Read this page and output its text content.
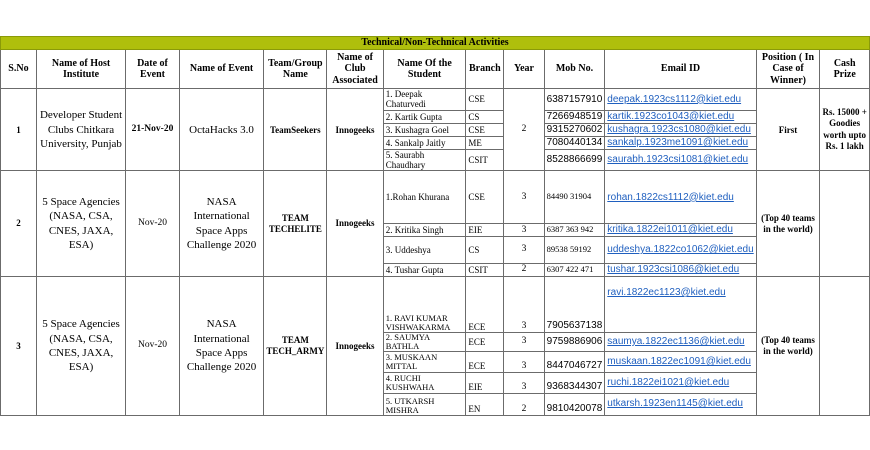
Technical/Non-Technical Activities												
S.No	Name of Host Institute	Date of Event	Name of Event	Team/Group Name	Name of Club Associated	Name Of the Student	Branch	Year	Mob No.	Email ID	Position ( In Case of Winner)	Cash Prize
1	Developer Student Clubs Chitkara University, Punjab	21-Nov-20	OctaHacks 3.0	TeamSeekers	Innogeeks	1. Deepak Chaturvedi	CSE	2	6387157910	deepak.1923cs1112@kiet.edu	First	Rs. 15000 + Goodies worth upto Rs. 1 lakh
						2. Kartik Gupta	CS		7266948519	kartik.1923co1043@kiet.edu		
						3. Kushagra Goel	CSE		9315270602	kushagra.1923cs1080@kiet.edu		
						4. Sankalp Jaitly	ME		7080440134	sankalp.1923me1091@kiet.edu		
						5. Saurabh Chaudhary	CSIT		8528866699	saurabh.1923csi1081@kiet.edu		
2	5 Space Agencies (NASA, CSA, CNES, JAXA, ESA)	Nov-20	NASA International Space Apps Challenge 2020	TEAM TECHELITE	Innogeeks	1.Rohan Khurana	CSE	3	84490 31904	rohan.1822cs1112@kiet.edu	(Top 40 teams in the world)	
						2. Kritika Singh	EIE	3	6387 363 942	kritika.1822ei1011@kiet.edu		
						3. Uddeshya	CS	3	89538 59192	uddeshya.1822co1062@kiet.edu		
						4. Tushar Gupta	CSIT	2	6307 422 471	tushar.1923csi1086@kiet.edu		
3	5 Space Agencies (NASA, CSA, CNES, JAXA, ESA)	Nov-20	NASA International Space Apps Challenge 2020	TEAM TECH_ARMY	Innogeeks	1. RAVI KUMAR VISHWAKARMA	ECE	3	7905637138	ravi.1822ec1123@kiet.edu	(Top 40 teams in the world)	
						2. SAUMYA BATHLA	ECE	3	9759886906	saumya.1822ec1136@kiet.edu		
						3. MUSKAAN MITTAL	ECE	3	8447046727	muskaan.1822ec1091@kiet.edu		
						4. RUCHI KUSHWAHA	EIE	3	9368344307	ruchi.1822ei1021@kiet.edu		
						5. UTKARSH MISHRA	EN	2	9810420078	utkarsh.1923en1145@kiet.edu		
